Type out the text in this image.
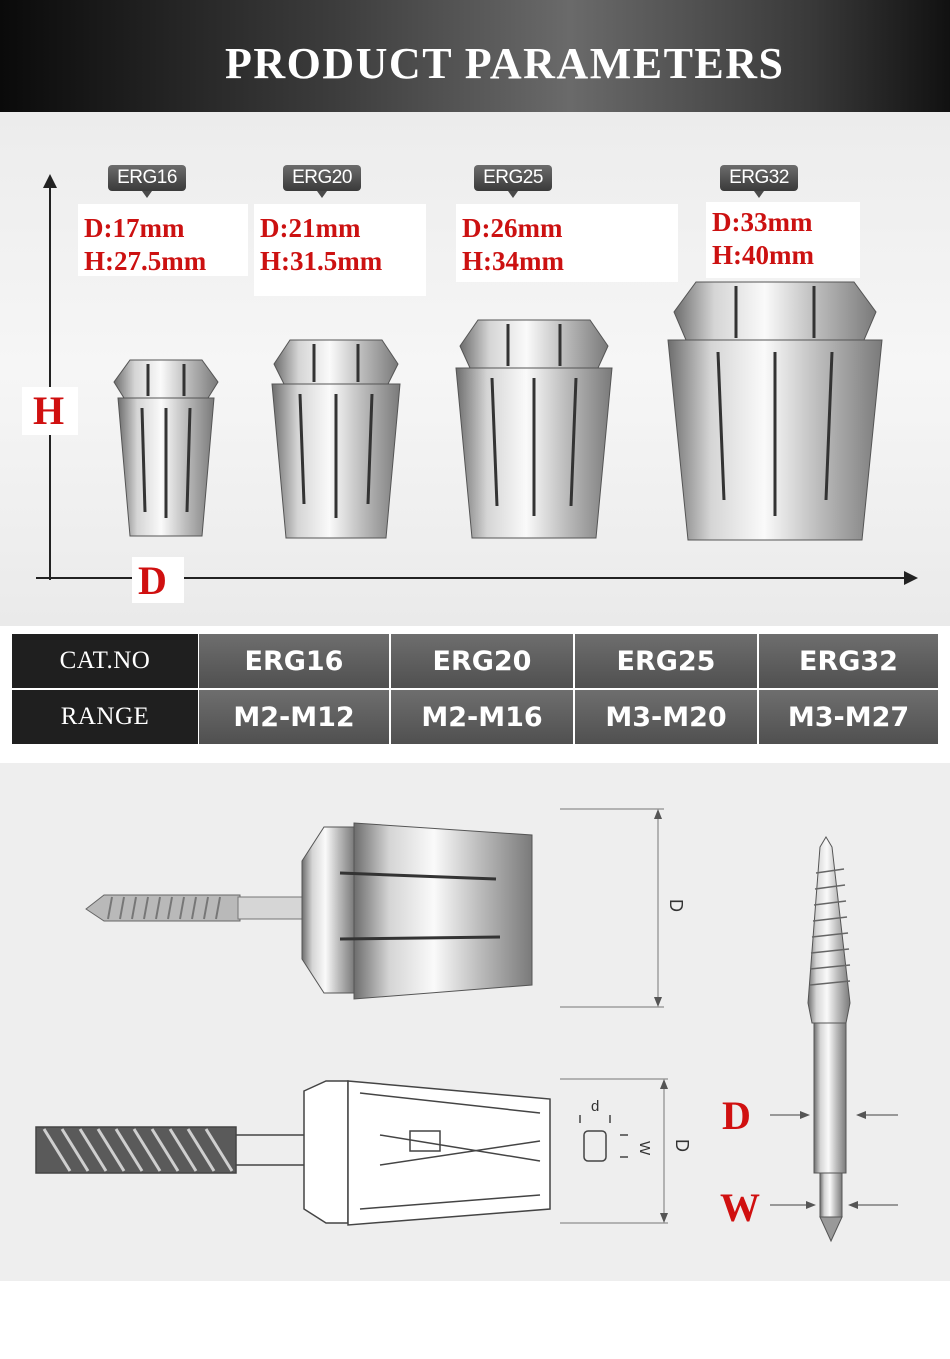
PRODUCT PARAMETERS
H
D
ERG16
D:17mm
H:27.5mm
ERG20
D:21mm
H:31.5mm
ERG25
D:26mm
H:34mm
ERG32
D:33mm
H:40mm
CAT.NO	ERG16	ERG20	ERG25	ERG32
RANGE	M2-M12	M2-M16	M3-M20	M3-M27
D
d
W D
D
W
